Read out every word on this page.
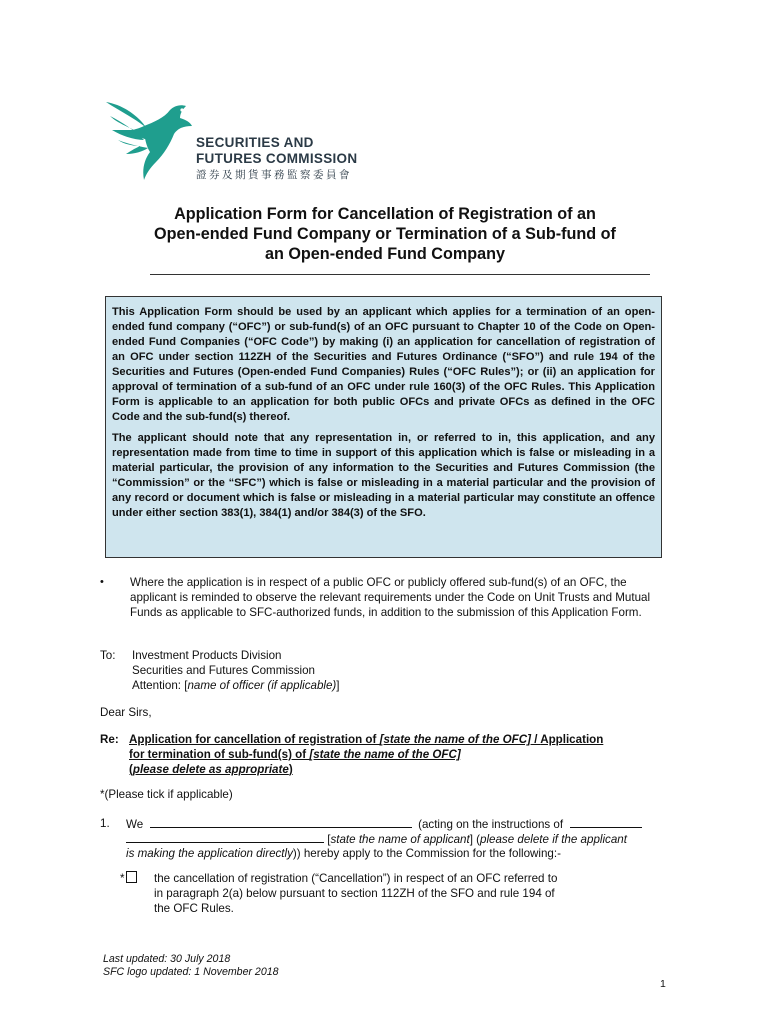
SECURITIES AND
FUTURES COMMISSION
證券及期貨事務監察委員會
Application Form for Cancellation of Registration of an
Open-ended Fund Company or Termination of a Sub-fund of
an Open-ended Fund Company

This Application Form should be used by an applicant which applies for a termination of an open-ended fund company (“OFC”) or sub-fund(s) of an OFC pursuant to Chapter 10 of the Code on Open-ended Fund Companies (“OFC Code”) by making (i) an application for cancellation of registration of an OFC under section 112ZH of the Securities and Futures Ordinance (“SFO”) and rule 194 of the Securities and Futures (Open-ended Fund Companies) Rules (“OFC Rules”); or (ii) an application for approval of termination of a sub-fund of an OFC under rule 160(3) of the OFC Rules. This Application Form is applicable to an application for both public OFCs and private OFCs as defined in the OFC Code and the sub-fund(s) thereof.

The applicant should note that any representation in, or referred to in, this application, and any representation made from time to time in support of this application which is false or misleading in a material particular, the provision of any information to the Securities and Futures Commission (the “Commission” or the “SFC”) which is false or misleading in a material particular and the provision of any record or document which is false or misleading in a material particular may constitute an offence under either section 383(1), 384(1) and/or 384(3) of the SFO.

• Where the application is in respect of a public OFC or publicly offered sub-fund(s) of an OFC, the applicant is reminded to observe the relevant requirements under the Code on Unit Trusts and Mutual Funds as applicable to SFC-authorized funds, in addition to the submission of this Application Form.
To: Investment Products Division
Securities and Futures Commission
Attention: [name of officer (if applicable)]
Dear Sirs,
Re: Application for cancellation of registration of [state the name of the OFC] / Application
for termination of sub-fund(s) of [state the name of the OFC]
(please delete as appropriate)
*(Please tick if applicable)
1. We	(acting on the instructions of
[state the name of applicant] (please delete if the applicant
is making the application directly)) hereby apply to the Commission for the following:-
*	the cancellation of registration (“Cancellation”) in respect of an OFC referred to
in paragraph 2(a) below pursuant to section 112ZH of the SFO and rule 194 of
the OFC Rules.
Last updated: 30 July 2018
SFC logo updated: 1 November 2018
1
